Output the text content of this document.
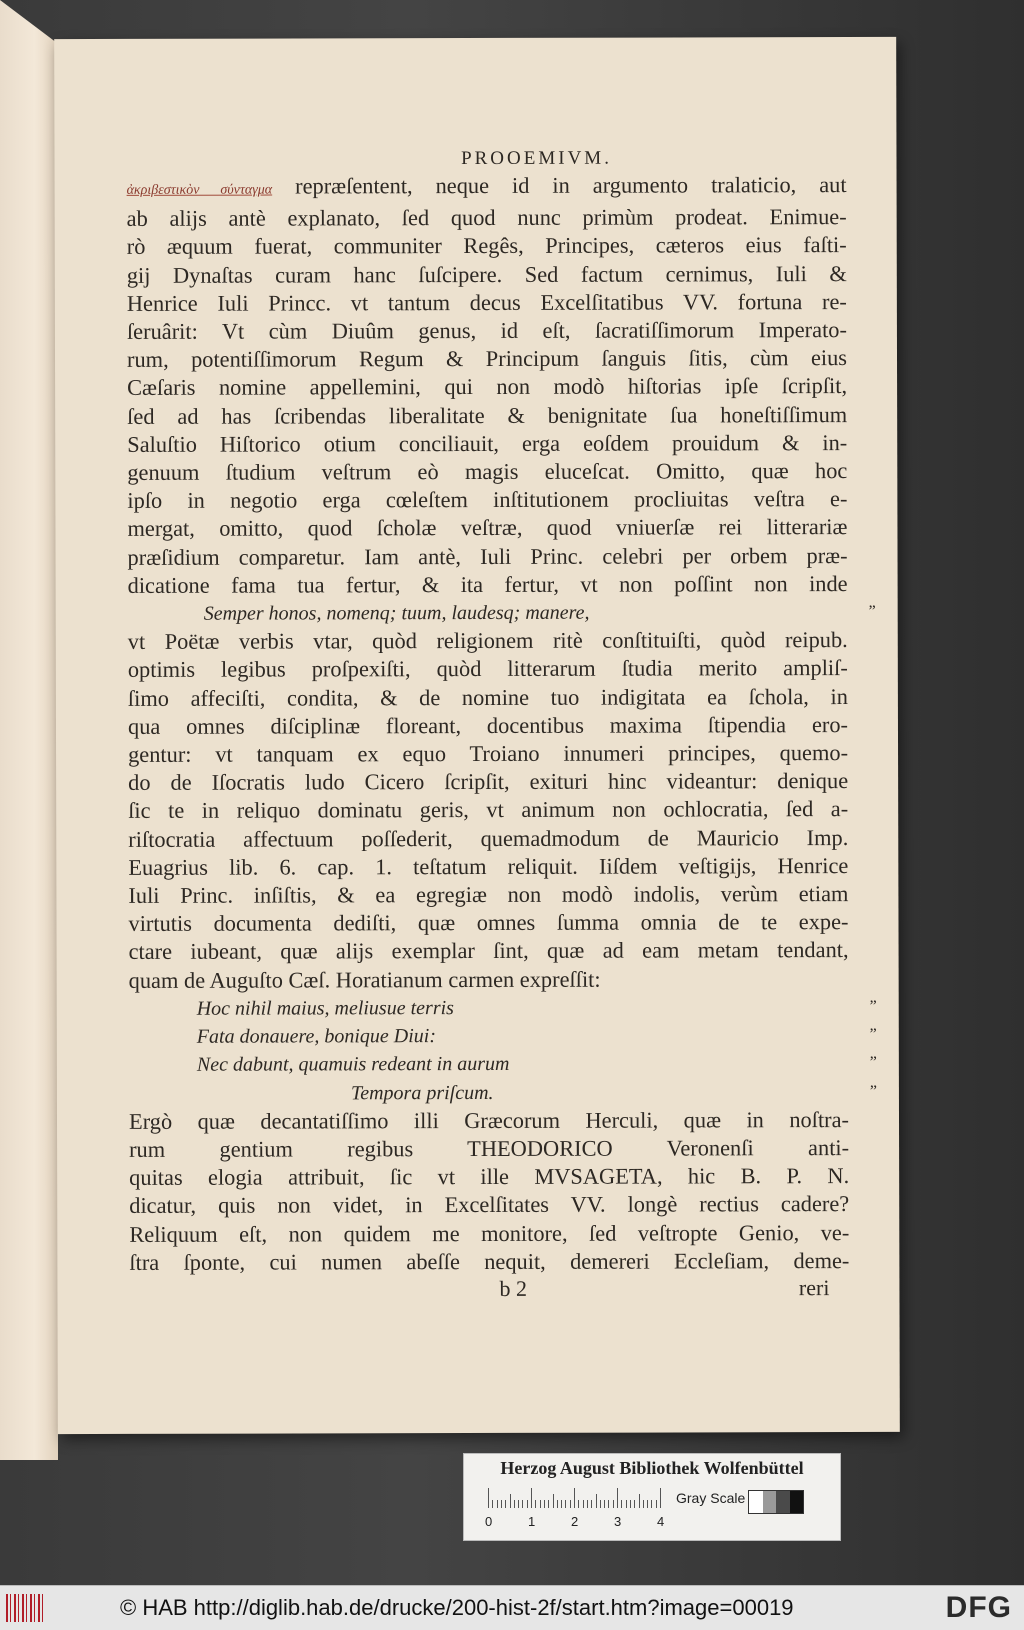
PROOEMIVM.
ἀκριβεστικὸν σύνταγμα repræſentent, neque id in argumento tralaticio, aut
ab alijs antè explanato, ſed quod nunc primùm prodeat. Enimue-
rò æquum fuerat, communiter Regês, Principes, cæteros eius faſti-
gij Dynaſtas curam hanc ſuſcipere. Sed factum cernimus, Iuli &
Henrice Iuli Princc. vt tantum decus Excelſitatibus VV. fortuna re-
ſeruârit: Vt cùm Diuûm genus, id eſt, ſacratiſſimorum Imperato-
rum, potentiſſimorum Regum & Principum ſanguis ſitis, cùm eius
Cæſaris nomine appellemini, qui non modò hiſtorias ipſe ſcripſit,
ſed ad has ſcribendas liberalitate & benignitate ſua honeſtiſſimum
Saluſtio Hiſtorico otium conciliauit, erga eoſdem prouidum & in-
genuum ſtudium veſtrum eò magis eluceſcat. Omitto, quæ hoc
ipſo in negotio erga cœleſtem inſtitutionem procliuitas veſtra e-
mergat, omitto, quod ſcholæ veſtræ, quod vniuerſæ rei litterariæ
præſidium comparetur. Iam antè, Iuli Princ. celebri per orbem præ-
dicatione fama tua fertur, & ita fertur, vt non poſſint non inde
Semper honos, nomenq; tuum, laudesq; manere,	”
vt Poëtæ verbis vtar, quòd religionem ritè conſtituiſti, quòd reipub.
optimis legibus proſpexiſti, quòd litterarum ſtudia merito ampliſ-
ſimo affeciſti, condita, & de nomine tuo indigitata ea ſchola, in
qua omnes diſciplinæ floreant, docentibus maxima ſtipendia ero-
gentur: vt tanquam ex equo Troiano innumeri principes, quemo-
do de Iſocratis ludo Cicero ſcripſit, exituri hinc videantur: denique
ſic te in reliquo dominatu geris, vt animum non ochlocratia, ſed a-
riſtocratia affectuum poſſederit, quemadmodum de Mauricio Imp.
Euagrius lib. 6. cap. 1. teſtatum reliquit. Iiſdem veſtigijs, Henrice
Iuli Princ. inſiſtis, & ea egregiæ non modò indolis, verùm etiam
virtutis documenta dediſti, quæ omnes ſumma omnia de te expe-
ctare iubeant, quæ alijs exemplar ſint, quæ ad eam metam tendant,
quam de Auguſto Cæſ. Horatianum carmen expreſſit:
Hoc nihil maius, meliusue terris	”
Fata donauere, bonique Diui:	”
Nec dabunt, quamuis redeant in aurum	”
Tempora priſcum.	”
Ergò quæ decantatiſſimo illi Græcorum Herculi, quæ in noſtra-
rum gentium regibus THEODORICO Veronenſi anti-
quitas elogia attribuit, ſic vt ille MVSAGETA, hic B. P. N.
dicatur, quis non videt, in Excelſitates VV. longè rectius cadere?
Reliquum eſt, non quidem me monitore, ſed veſtropte Genio, ve-
ſtra ſponte, cui numen abeſſe nequit, demereri Eccleſiam, deme-
b 2	reri
Herzog August Bibliothek Wolfenbüttel
0	1	2	3	4
Gray Scale
© HAB http://diglib.hab.de/drucke/200-hist-2f/start.htm?image=00019	DFG
